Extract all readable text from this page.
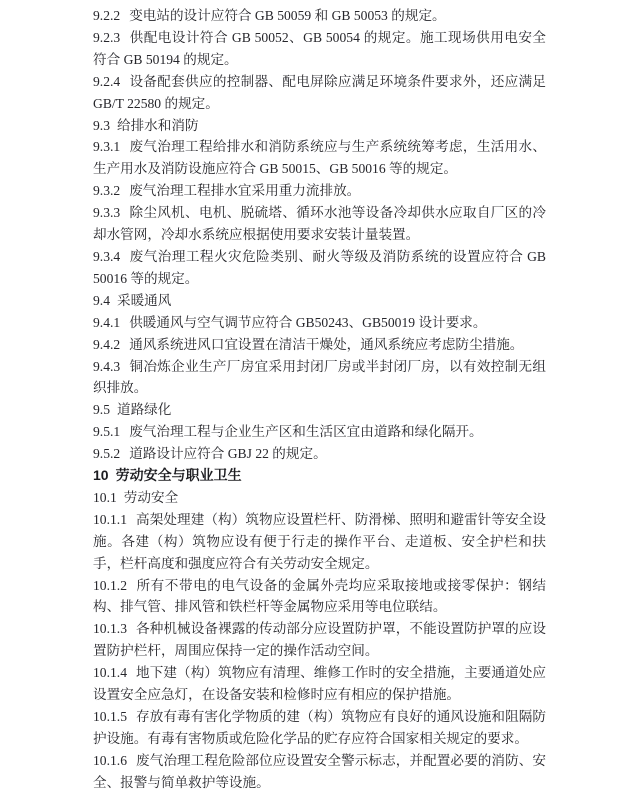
9.2.2 变电站的设计应符合 GB 50059 和 GB 50053 的规定。

9.2.3 供配电设计符合 GB 50052、GB 50054 的规定。施工现场供用电安全符合 GB 50194 的规定。

9.2.4 设备配套供应的控制器、配电屏除应满足环境条件要求外，还应满足 GB/T 22580 的规定。

9.3 给排水和消防

9.3.1 废气治理工程给排水和消防系统应与生产系统统筹考虑，生活用水、生产用水及消防设施应符合 GB 50015、GB 50016 等的规定。

9.3.2 废气治理工程排水宜采用重力流排放。

9.3.3 除尘风机、电机、脱硫塔、循环水池等设备冷却供水应取自厂区的冷却水管网，冷却水系统应根据使用要求安装计量装置。

9.3.4 废气治理工程火灾危险类别、耐火等级及消防系统的设置应符合 GB 50016 等的规定。

9.4 采暖通风

9.4.1 供暖通风与空气调节应符合 GB50243、GB50019 设计要求。

9.4.2 通风系统进风口宜设置在清洁干燥处，通风系统应考虑防尘措施。

9.4.3 铜冶炼企业生产厂房宜采用封闭厂房或半封闭厂房，以有效控制无组织排放。

9.5 道路绿化

9.5.1 废气治理工程与企业生产区和生活区宜由道路和绿化隔开。

9.5.2 道路设计应符合 GBJ 22 的规定。

10 劳动安全与职业卫生

10.1 劳动安全

10.1.1 高架处理建（构）筑物应设置栏杆、防滑梯、照明和避雷针等安全设施。各建（构）筑物应设有便于行走的操作平台、走道板、安全护栏和扶手，栏杆高度和强度应符合有关劳动安全规定。

10.1.2 所有不带电的电气设备的金属外壳均应采取接地或接零保护：钢结构、排气管、排风管和铁栏杆等金属物应采用等电位联结。

10.1.3 各种机械设备裸露的传动部分应设置防护罩，不能设置防护罩的应设置防护栏杆，周围应保持一定的操作活动空间。

10.1.4 地下建（构）筑物应有清理、维修工作时的安全措施，主要通道处应设置安全应急灯，在设备安装和检修时应有相应的保护措施。

10.1.5 存放有毒有害化学物质的建（构）筑物应有良好的通风设施和阻隔防护设施。有毒有害物质或危险化学品的贮存应符合国家相关规定的要求。

10.1.6 废气治理工程危险部位应设置安全警示标志，并配置必要的消防、安全、报警与简单救护等设施。
